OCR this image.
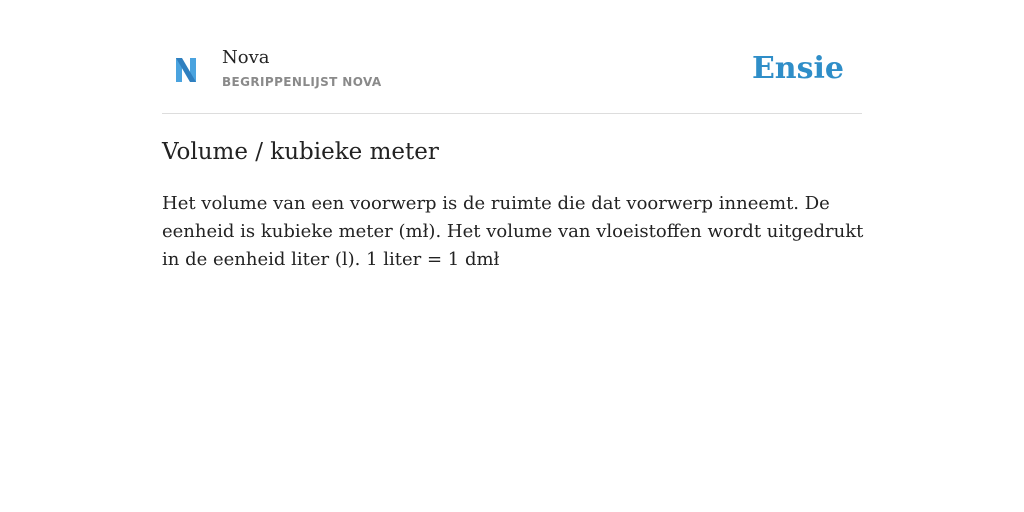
Nova
BEGRIPPENLIJST NOVA	Ensie
Volume / kubieke meter

Het volume van een voorwerp is de ruimte die dat voorwerp inneemt. De eenheid is kubieke meter (mł). Het volume van vloeistoffen wordt uitgedrukt in de eenheid liter (l). 1 liter = 1 dmł
